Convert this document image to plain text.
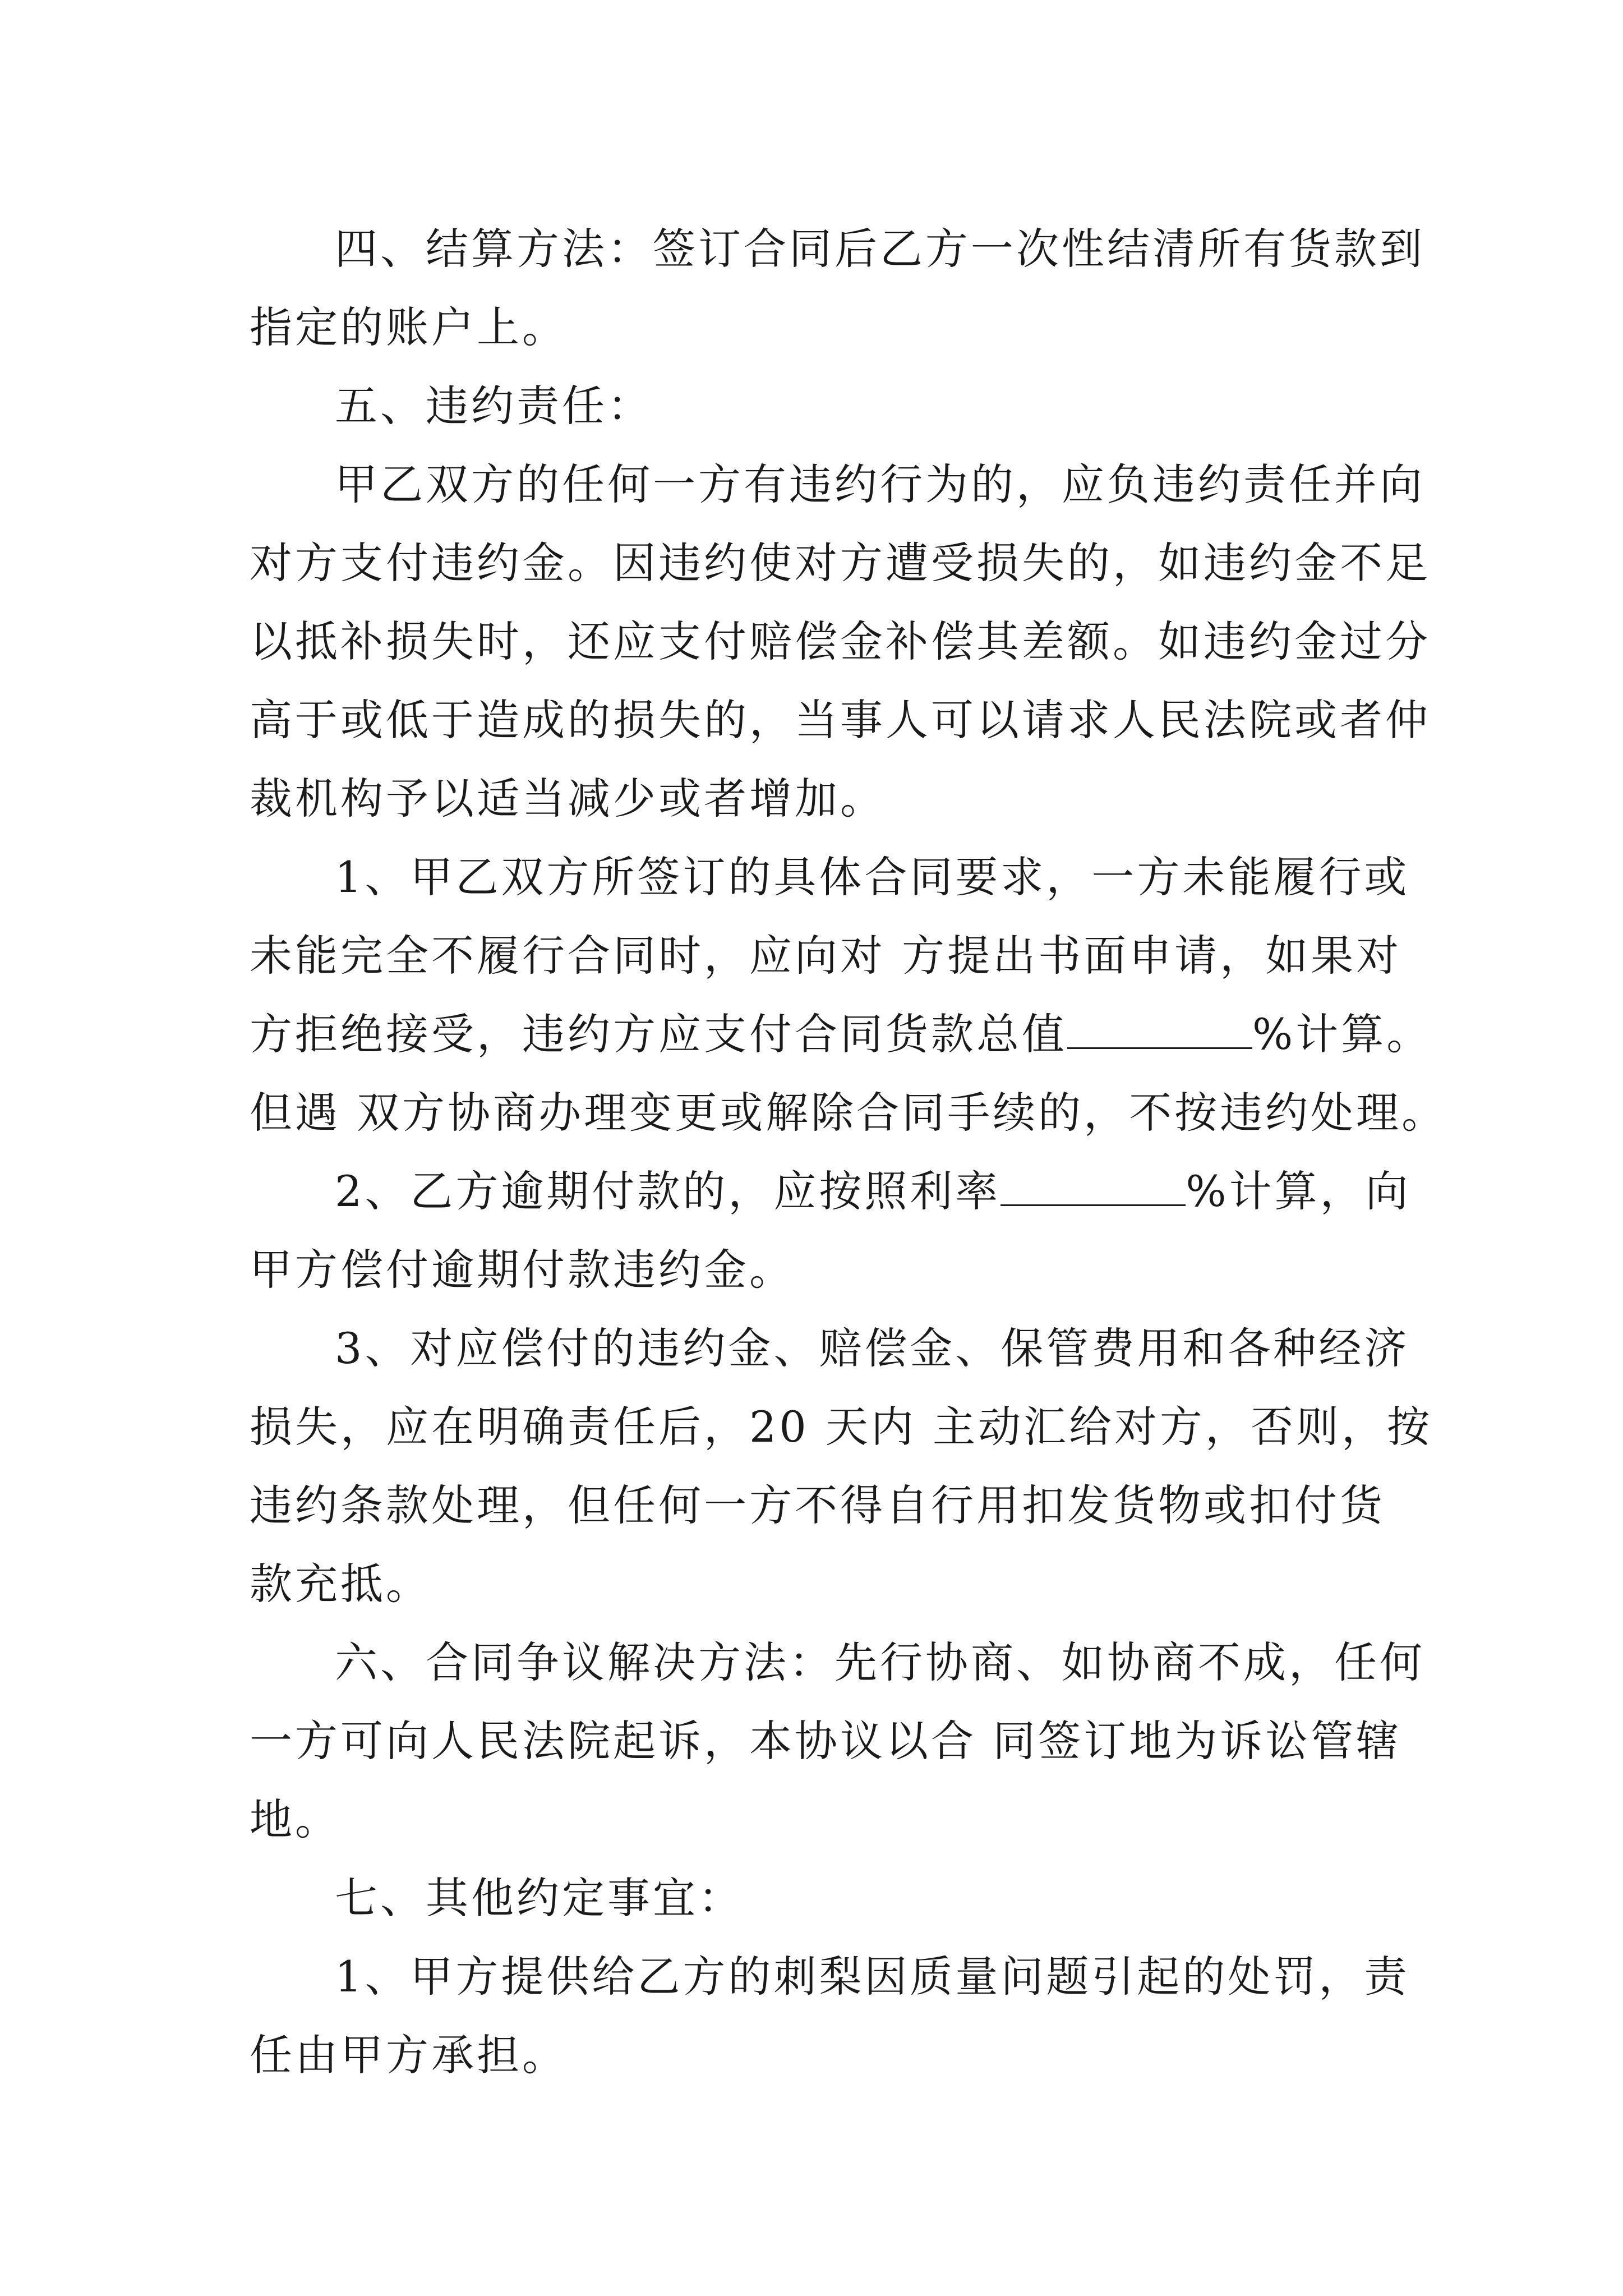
四、结算方法：签订合同后乙方一次性结清所有货款到
指定的账户上。
五、违约责任：
甲乙双方的任何一方有违约行为的，应负违约责任并向
对方支付违约金。因违约使对方遭受损失的，如违约金不足
以抵补损失时，还应支付赔偿金补偿其差额。如违约金过分
高于或低于造成的损失的，当事人可以请求人民法院或者仲
裁机构予以适当减少或者增加。
1、甲乙双方所签订的具体合同要求，一方未能履行或
未能完全不履行合同时，应向对 方提出书面申请，如果对
方拒绝接受，违约方应支付合同货款总值	%计算。
但遇 双方协商办理变更或解除合同手续的，不按违约处理。
2、乙方逾期付款的，应按照利率	%计算，向
甲方偿付逾期付款违约金。
3、对应偿付的违约金、赔偿金、保管费用和各种经济
损失，应在明确责任后，20 天内 主动汇给对方，否则，按
违约条款处理，但任何一方不得自行用扣发货物或扣付货
款充抵。
六、合同争议解决方法：先行协商、如协商不成，任何
一方可向人民法院起诉，本协议以合 同签订地为诉讼管辖
地。
七、其他约定事宜：
1、甲方提供给乙方的刺梨因质量问题引起的处罚，责
任由甲方承担。
